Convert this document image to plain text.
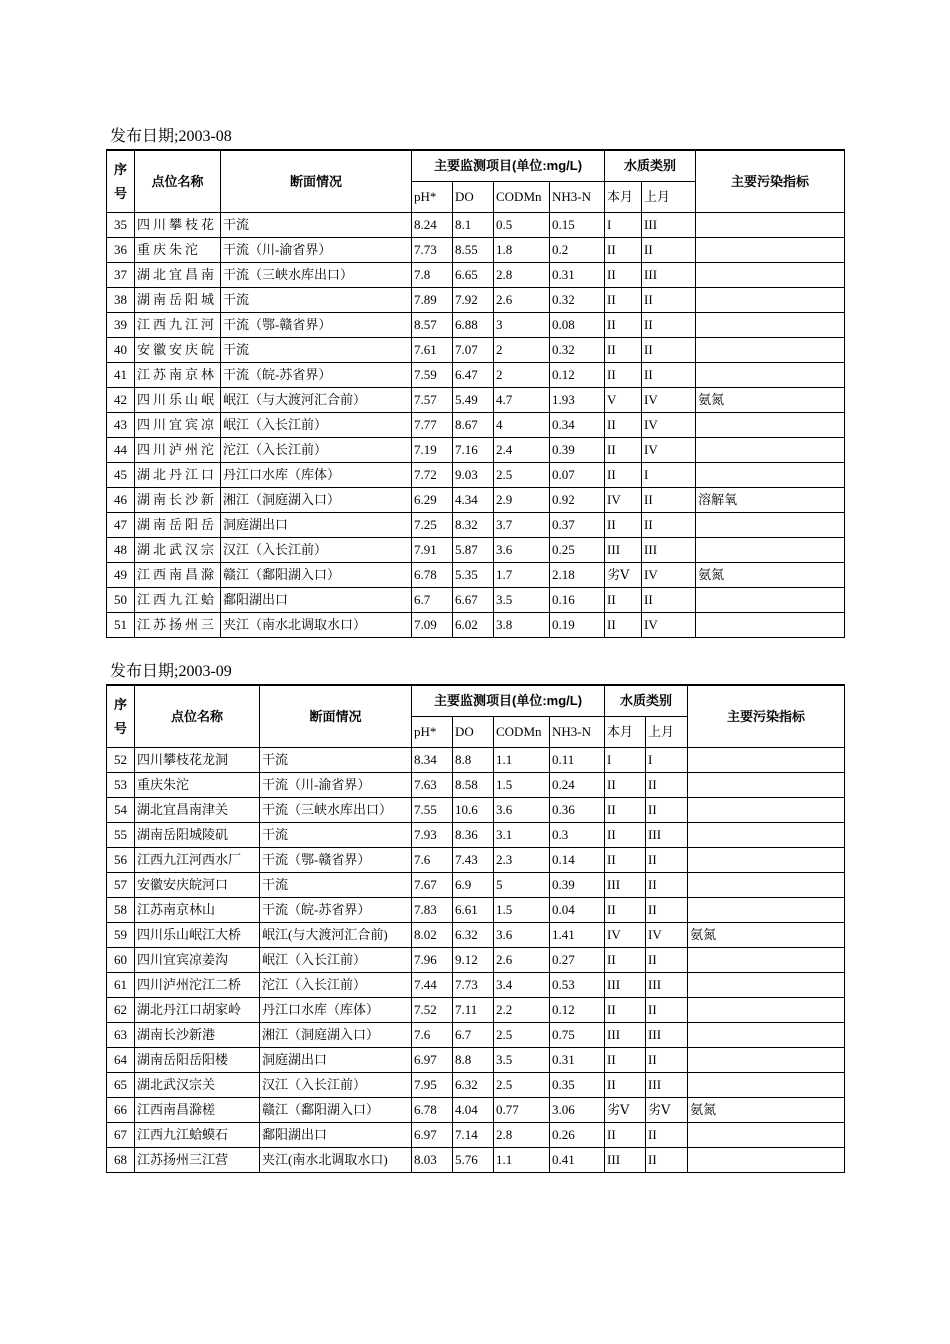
发布日期;2003-08
序
号	点位名称	断面情况	主要监测项目(单位:mg/L)				水质类别		主要污染指标
			pH*	DO	CODMn	NH3-N	本月	上月	
35	四川攀枝花	干流	8.24	8.1	0.5	0.15	I	III	
36	重庆朱沱	干流（川-渝省界）	7.73	8.55	1.8	0.2	II	II	
37	湖北宜昌南	干流（三峡水库出口）	7.8	6.65	2.8	0.31	II	III	
38	湖南岳阳城	干流	7.89	7.92	2.6	0.32	II	II	
39	江西九江河	干流（鄂-赣省界）	8.57	6.88	3	0.08	II	II	
40	安徽安庆皖	干流	7.61	7.07	2	0.32	II	II	
41	江苏南京林	干流（皖-苏省界）	7.59	6.47	2	0.12	II	II	
42	四川乐山岷	岷江（与大渡河汇合前）	7.57	5.49	4.7	1.93	V	IV	氨氮
43	四川宜宾凉	岷江（入长江前）	7.77	8.67	4	0.34	II	IV	
44	四川泸州沱	沱江（入长江前）	7.19	7.16	2.4	0.39	II	IV	
45	湖北丹江口	丹江口水库（库体）	7.72	9.03	2.5	0.07	II	I	
46	湖南长沙新	湘江（洞庭湖入口）	6.29	4.34	2.9	0.92	IV	II	溶解氧
47	湖南岳阳岳	洞庭湖出口	7.25	8.32	3.7	0.37	II	II	
48	湖北武汉宗	汉江（入长江前）	7.91	5.87	3.6	0.25	III	III	
49	江西南昌滁	赣江（鄱阳湖入口）	6.78	5.35	1.7	2.18	劣Ⅴ	IV	氨氮
50	江西九江蛤	鄱阳湖出口	6.7	6.67	3.5	0.16	II	II	
51	江苏扬州三	夹江（南水北调取水口）	7.09	6.02	3.8	0.19	II	IV	
发布日期;2003-09
序
号	点位名称	断面情况	主要监测项目(单位:mg/L)				水质类别		主要污染指标
			pH*	DO	CODMn	NH3-N	本月	上月	
52	四川攀枝花龙洞	干流	8.34	8.8	1.1	0.11	I	I	
53	重庆朱沱	干流（川-渝省界）	7.63	8.58	1.5	0.24	II	II	
54	湖北宜昌南津关	干流（三峡水库出口）	7.55	10.6	3.6	0.36	II	II	
55	湖南岳阳城陵矶	干流	7.93	8.36	3.1	0.3	II	III	
56	江西九江河西水厂	干流（鄂-赣省界）	7.6	7.43	2.3	0.14	II	II	
57	安徽安庆皖河口	干流	7.67	6.9	5	0.39	III	II	
58	江苏南京林山	干流（皖-苏省界）	7.83	6.61	1.5	0.04	II	II	
59	四川乐山岷江大桥	岷江(与大渡河汇合前)	8.02	6.32	3.6	1.41	IV	IV	氨氮
60	四川宜宾凉姜沟	岷江（入长江前）	7.96	9.12	2.6	0.27	II	II	
61	四川泸州沱江二桥	沱江（入长江前）	7.44	7.73	3.4	0.53	III	III	
62	湖北丹江口胡家岭	丹江口水库（库体）	7.52	7.11	2.2	0.12	II	II	
63	湖南长沙新港	湘江（洞庭湖入口）	7.6	6.7	2.5	0.75	III	III	
64	湖南岳阳岳阳楼	洞庭湖出口	6.97	8.8	3.5	0.31	II	II	
65	湖北武汉宗关	汉江（入长江前）	7.95	6.32	2.5	0.35	II	III	
66	江西南昌滁槎	赣江（鄱阳湖入口）	6.78	4.04	0.77	3.06	劣Ⅴ	劣Ⅴ	氨氮
67	江西九江蛤蟆石	鄱阳湖出口	6.97	7.14	2.8	0.26	II	II	
68	江苏扬州三江营	夹江(南水北调取水口)	8.03	5.76	1.1	0.41	III	II	
